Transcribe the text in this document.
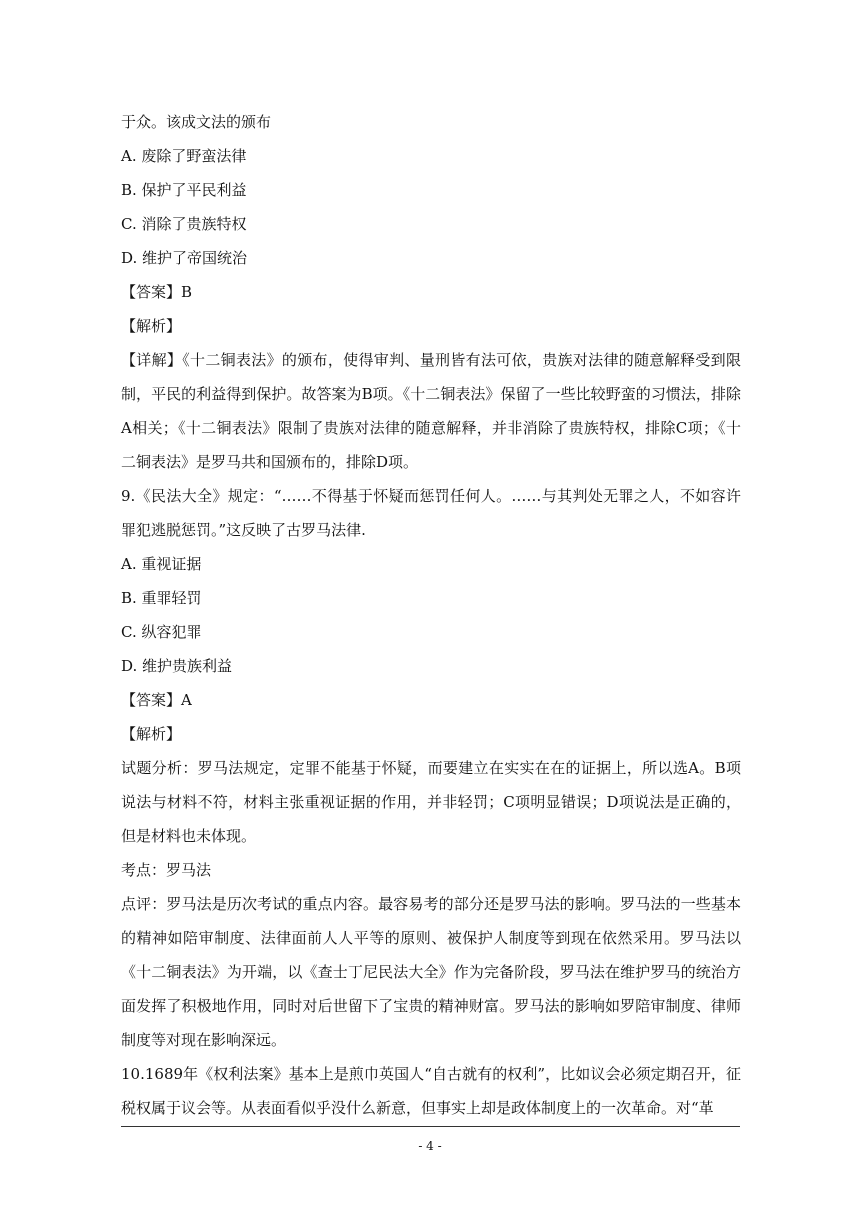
于众。该成文法的颁布
A. 废除了野蛮法律
B. 保护了平民利益
C. 消除了贵族特权
D. 维护了帝国统治
【答案】B
【解析】
【详解】《十二铜表法》的颁布，使得审判、量刑皆有法可依，贵族对法律的随意解释受到限制，平民的利益得到保护。故答案为B项。《十二铜表法》保留了一些比较野蛮的习惯法，排除A相关；《十二铜表法》限制了贵族对法律的随意解释，并非消除了贵族特权，排除C项；《十二铜表法》是罗马共和国颁布的，排除D项。
9.《民法大全》规定：“……不得基于怀疑而惩罚任何人。……与其判处无罪之人，不如容许罪犯逃脱惩罚。”这反映了古罗马法律.
A. 重视证据
B. 重罪轻罚
C. 纵容犯罪
D. 维护贵族利益
【答案】A
【解析】
试题分析：罗马法规定，定罪不能基于怀疑，而要建立在实实在在的证据上，所以选A。B项说法与材料不符，材料主张重视证据的作用，并非轻罚；C项明显错误；D项说法是正确的，但是材料也未体现。
考点：罗马法
点评：罗马法是历次考试的重点内容。最容易考的部分还是罗马法的影响。罗马法的一些基本的精神如陪审制度、法律面前人人平等的原则、被保护人制度等到现在依然采用。罗马法以《十二铜表法》为开端，以《查士丁尼民法大全》作为完备阶段，罗马法在维护罗马的统治方面发挥了积极地作用，同时对后世留下了宝贵的精神财富。罗马法的影响如罗陪审制度、律师制度等对现在影响深远。
10.1689年《权利法案》基本上是煎巾英国人“自古就有的权利”，比如议会必须定期召开，征税权属于议会等。从表面看似乎没什么新意，但事实上却是政体制度上的一次革命。对“革
- 4 -
